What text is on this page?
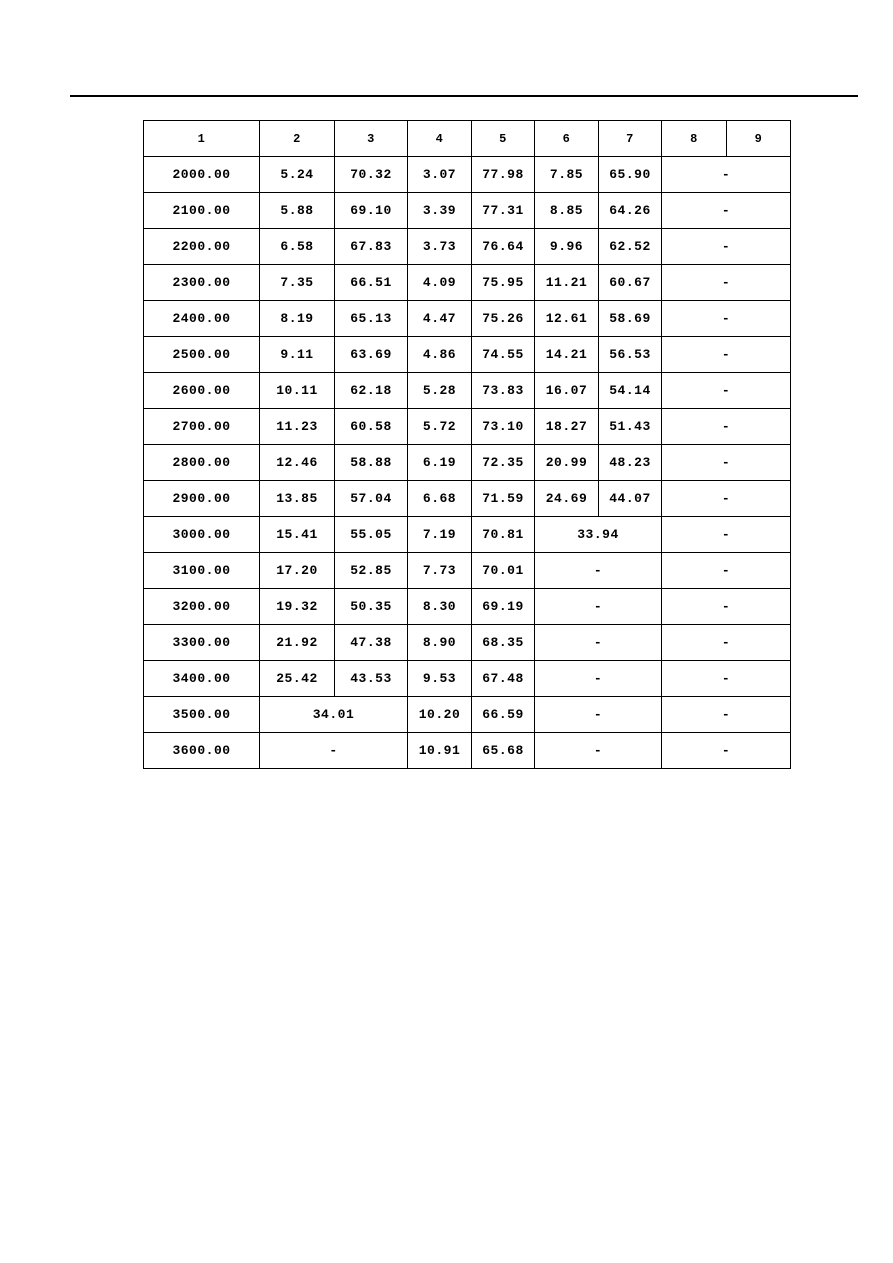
1	2	3	4	5	6	7	8	9
2000.00	5.24	70.32	3.07	77.98	7.85	65.90	-	
2100.00	5.88	69.10	3.39	77.31	8.85	64.26	-	
2200.00	6.58	67.83	3.73	76.64	9.96	62.52	-	
2300.00	7.35	66.51	4.09	75.95	11.21	60.67	-	
2400.00	8.19	65.13	4.47	75.26	12.61	58.69	-	
2500.00	9.11	63.69	4.86	74.55	14.21	56.53	-	
2600.00	10.11	62.18	5.28	73.83	16.07	54.14	-	
2700.00	11.23	60.58	5.72	73.10	18.27	51.43	-	
2800.00	12.46	58.88	6.19	72.35	20.99	48.23	-	
2900.00	13.85	57.04	6.68	71.59	24.69	44.07	-	
3000.00	15.41	55.05	7.19	70.81	33.94		-	
3100.00	17.20	52.85	7.73	70.01	-		-	
3200.00	19.32	50.35	8.30	69.19	-		-	
3300.00	21.92	47.38	8.90	68.35	-		-	
3400.00	25.42	43.53	9.53	67.48	-		-	
3500.00	34.01		10.20	66.59	-		-	
3600.00	-		10.91	65.68	-		-	
